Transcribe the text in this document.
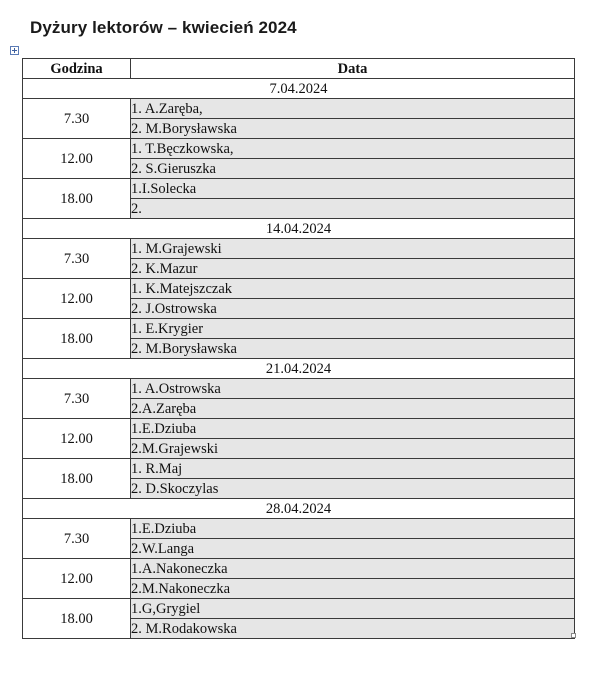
Dyżury lektorów – kwiecień 2024
Godzina	Data
7.04.2024	
7.30	1. A.Zaręba,
	2. M.Borysławska
12.00	1. T.Bęczkowska,
	2. S.Gieruszka
18.00	1.I.Solecka
	2.
14.04.2024	
7.30	1. M.Grajewski
	2. K.Mazur
12.00	1. K.Matejszczak
	2. J.Ostrowska
18.00	1. E.Krygier
	2. M.Borysławska
21.04.2024	
7.30	1. A.Ostrowska
	2.A.Zaręba
12.00	1.E.Dziuba
	2.M.Grajewski
18.00	1. R.Maj
	2. D.Skoczylas
28.04.2024	
7.30	1.E.Dziuba
	2.W.Langa
12.00	1.A.Nakoneczka
	2.M.Nakoneczka
18.00	1.G,Grygiel
	2. M.Rodakowska
